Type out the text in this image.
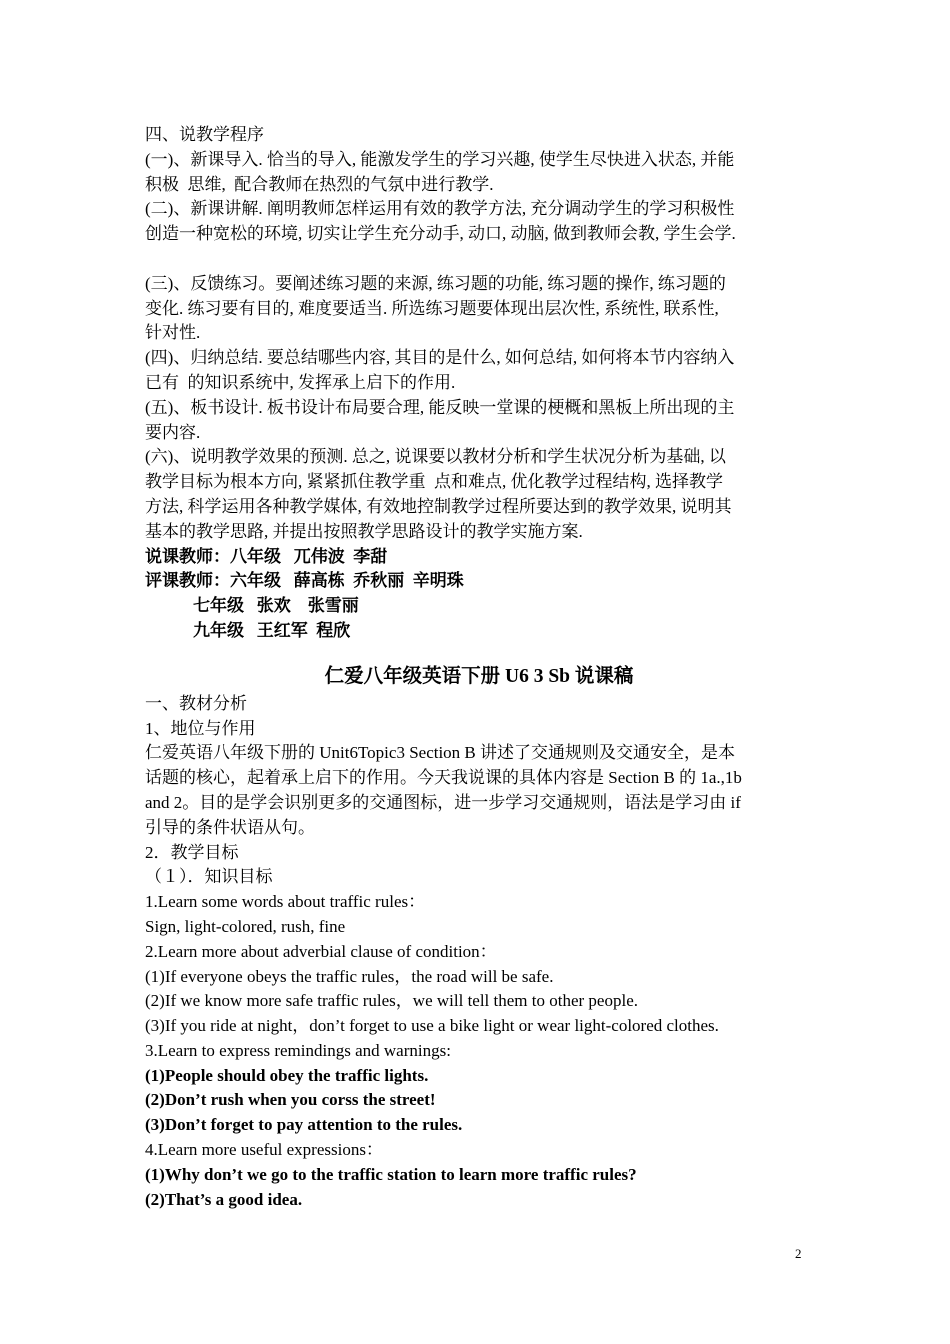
四、说教学程序
(一)、新课导入. 恰当的导入, 能激发学生的学习兴趣, 使学生尽快进入状态, 并能
积极  思维,  配合教师在热烈的气氛中进行教学.
(二)、新课讲解. 阐明教师怎样运用有效的教学方法, 充分调动学生的学习积极性
创造一种宽松的环境, 切实让学生充分动手, 动口, 动脑, 做到教师会教, 学生会学.
(三)、反馈练习。要阐述练习题的来源, 练习题的功能, 练习题的操作, 练习题的
变化. 练习要有目的, 难度要适当. 所选练习题要体现出层次性, 系统性, 联系性,
针对性.
(四)、归纳总结. 要总结哪些内容, 其目的是什么, 如何总结, 如何将本节内容纳入
已有  的知识系统中, 发挥承上启下的作用.
(五)、板书设计. 板书设计布局要合理, 能反映一堂课的梗概和黑板上所出现的主
要内容.
(六)、说明教学效果的预测. 总之, 说课要以教材分析和学生状况分析为基础, 以
教学目标为根本方向, 紧紧抓住教学重  点和难点, 优化教学过程结构, 选择教学
方法, 科学运用各种教学媒体, 有效地控制教学过程所要达到的教学效果, 说明其
基本的教学思路, 并提出按照教学思路设计的教学实施方案.
说课教师：八年级   兀伟波  李甜
评课教师：六年级   薛高栋  乔秋丽  辛明珠
七年级   张欢    张雪丽
九年级   王红军  程欣
仁爱八年级英语下册 U6 3 Sb 说课稿
一、教材分析
1、地位与作用
仁爱英语八年级下册的 Unit6Topic3 Section B 讲述了交通规则及交通安全，是本
话题的核心，起着承上启下的作用。今天我说课的具体内容是 Section B 的 1a.,1b
and 2。目的是学会识别更多的交通图标，进一步学习交通规则，语法是学习由 if
引导的条件状语从句。
2．教学目标
（１）．知识目标
1.Learn some words about traffic rules：
Sign, light-colored, rush, fine
2.Learn more about adverbial clause of condition：
(1)If everyone obeys the traffic rules，the road will be safe.
(2)If we know more safe traffic rules，we will tell them to other people.
(3)If you ride at night，don’t forget to use a bike light or wear light-colored clothes.
3.Learn to express remindings and warnings:
(1)People should obey the traffic lights.
(2)Don’t rush when you corss the street!
(3)Don’t forget to pay attention to the rules.
4.Learn more useful expressions：
(1)Why don’t we go to the traffic station to learn more traffic rules?
(2)That’s a good idea.
2
